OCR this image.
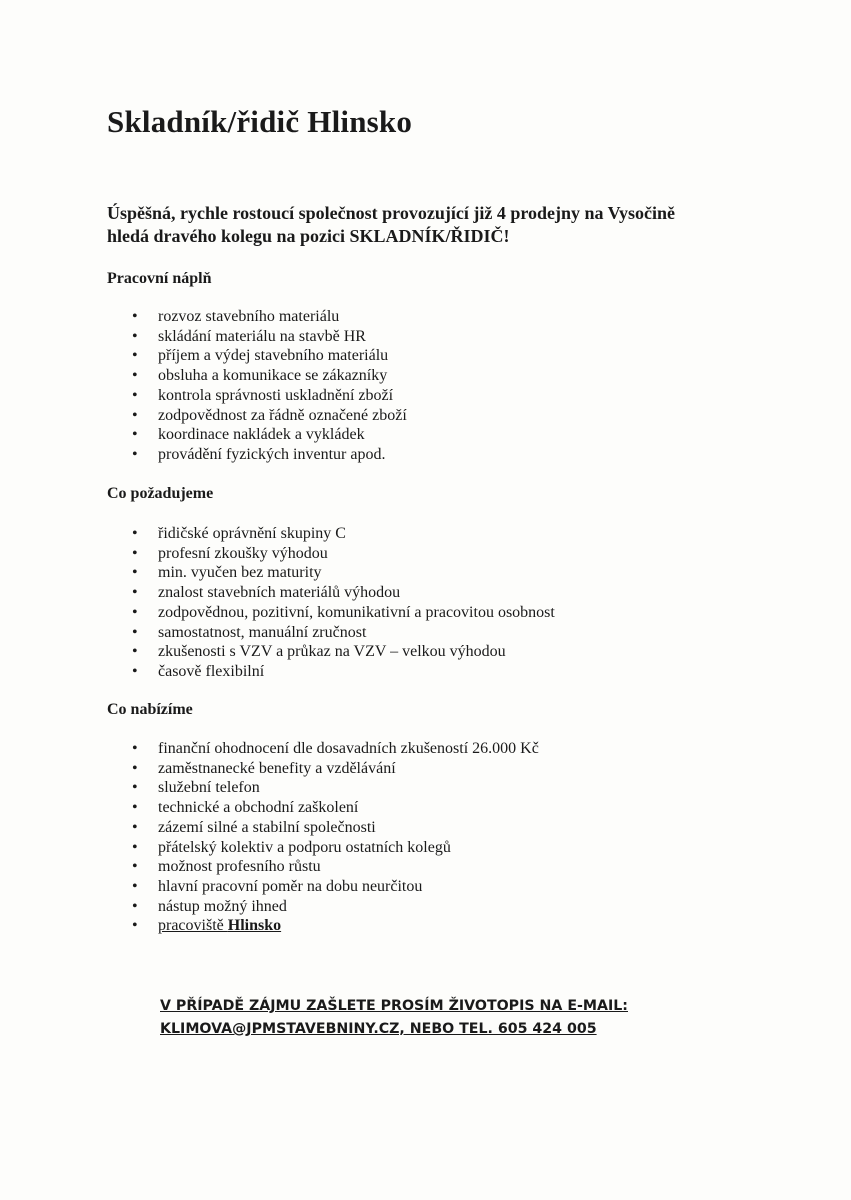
Skladník/řidič Hlinsko

Úspěšná, rychle rostoucí společnost provozující již 4 prodejny na Vysočině
hledá dravého kolegu na pozici SKLADNÍK/ŘIDIČ!

Pracovní náplň
• rozvoz stavebního materiálu
• skládání materiálu na stavbě HR
• příjem a výdej stavebního materiálu
• obsluha a komunikace se zákazníky
• kontrola správnosti uskladnění zboží
• zodpovědnost za řádně označené zboží
• koordinace nakládek a vykládek
• provádění fyzických inventur apod.
Co požadujeme
• řidičské oprávnění skupiny C
• profesní zkoušky výhodou
• min. vyučen bez maturity
• znalost stavebních materiálů výhodou
• zodpovědnou, pozitivní, komunikativní a pracovitou osobnost
• samostatnost, manuální zručnost
• zkušenosti s VZV a průkaz na VZV – velkou výhodou
• časově flexibilní
Co nabízíme
• finanční ohodnocení dle dosavadních zkušeností 26.000 Kč
• zaměstnanecké benefity a vzdělávání
• služební telefon
• technické a obchodní zaškolení
• zázemí silné a stabilní společnosti
• přátelský kolektiv a podporu ostatních kolegů
• možnost profesního růstu
• hlavní pracovní poměr na dobu neurčitou
• nástup možný ihned
• pracoviště Hlinsko

V PŘÍPADĚ ZÁJMU ZAŠLETE PROSÍM ŽIVOTOPIS NA E-MAIL:
KLIMOVA@JPMSTAVEBNINY.CZ, NEBO TEL. 605 424 005
